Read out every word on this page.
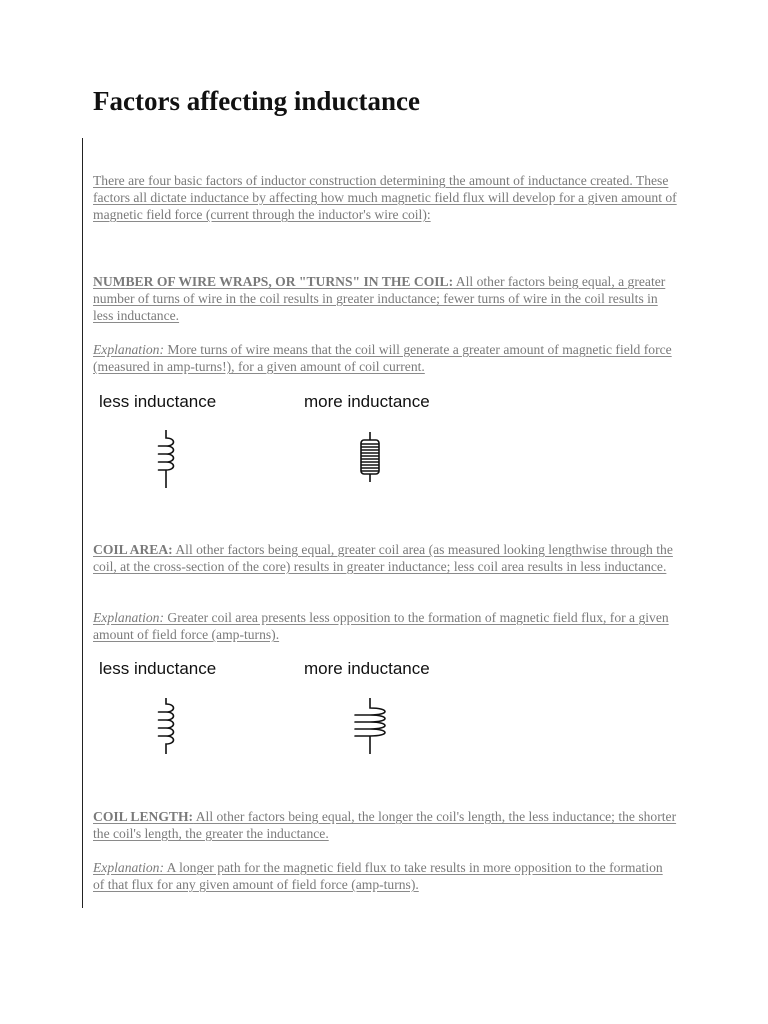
Factors affecting inductance

There are four basic factors of inductor construction determining the amount of inductance created. These factors all dictate inductance by affecting how much magnetic field flux will develop for a given amount of magnetic field force (current through the inductor's wire coil):

NUMBER OF WIRE WRAPS, OR "TURNS" IN THE COIL: All other factors being equal, a greater number of turns of wire in the coil results in greater inductance; fewer turns of wire in the coil results in less inductance.

Explanation: More turns of wire means that the coil will generate a greater amount of magnetic field force (measured in amp-turns!), for a given amount of coil current.

less inductance	more inductance

COIL AREA: All other factors being equal, greater coil area (as measured looking lengthwise through the coil, at the cross-section of the core) results in greater inductance; less coil area results in less inductance.

Explanation: Greater coil area presents less opposition to the formation of magnetic field flux, for a given amount of field force (amp-turns).

less inductance	more inductance

COIL LENGTH: All other factors being equal, the longer the coil's length, the less inductance; the shorter the coil's length, the greater the inductance.

Explanation: A longer path for the magnetic field flux to take results in more opposition to the formation of that flux for any given amount of field force (amp-turns).
